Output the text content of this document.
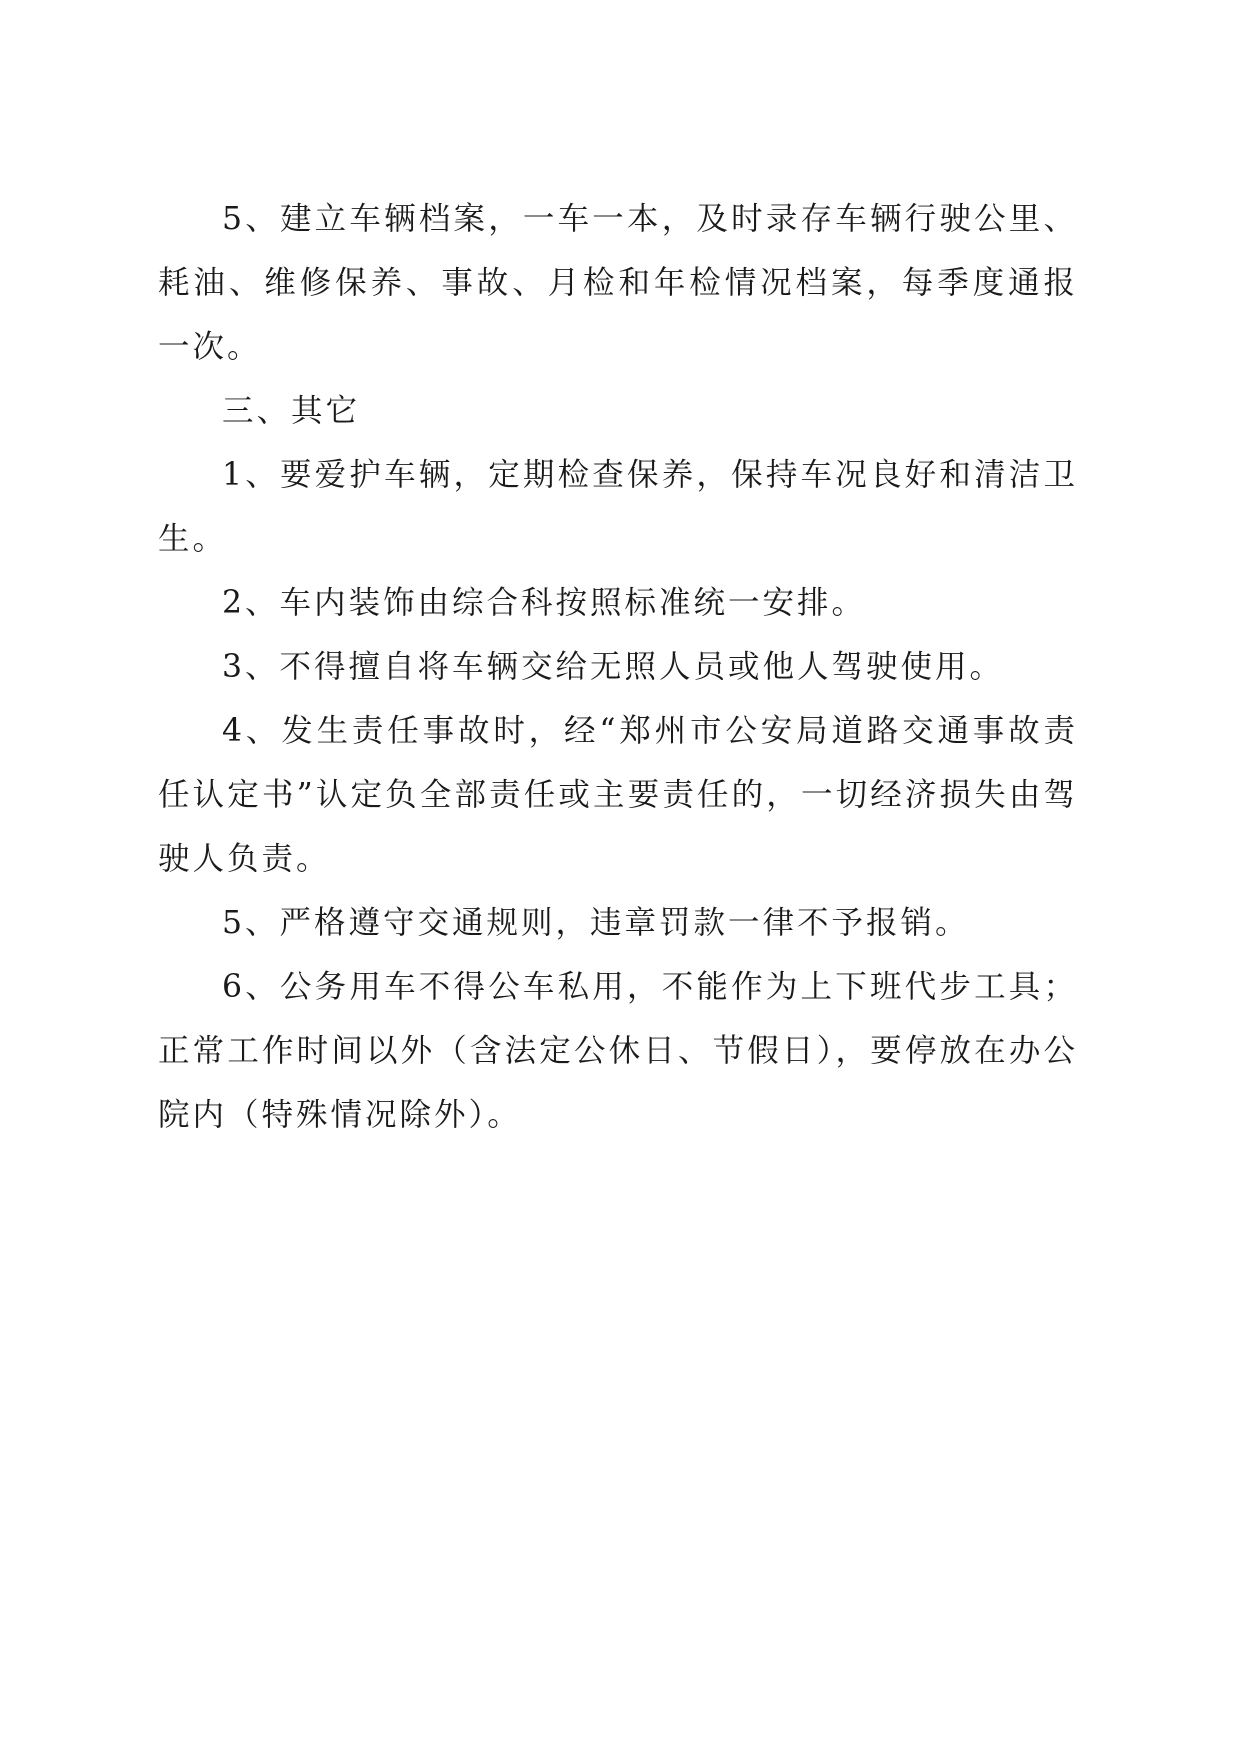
5、建立车辆档案，一车一本，及时录存车辆行驶公里、耗油、维修保养、事故、月检和年检情况档案，每季度通报一次。

三、其它

1、要爱护车辆，定期检查保养，保持车况良好和清洁卫生。

2、车内装饰由综合科按照标准统一安排。

3、不得擅自将车辆交给无照人员或他人驾驶使用。

4、发生责任事故时，经“郑州市公安局道路交通事故责任认定书”认定负全部责任或主要责任的，一切经济损失由驾驶人负责。

5、严格遵守交通规则，违章罚款一律不予报销。

6、公务用车不得公车私用，不能作为上下班代步工具；正常工作时间以外（含法定公休日、节假日），要停放在办公院内（特殊情况除外）。
